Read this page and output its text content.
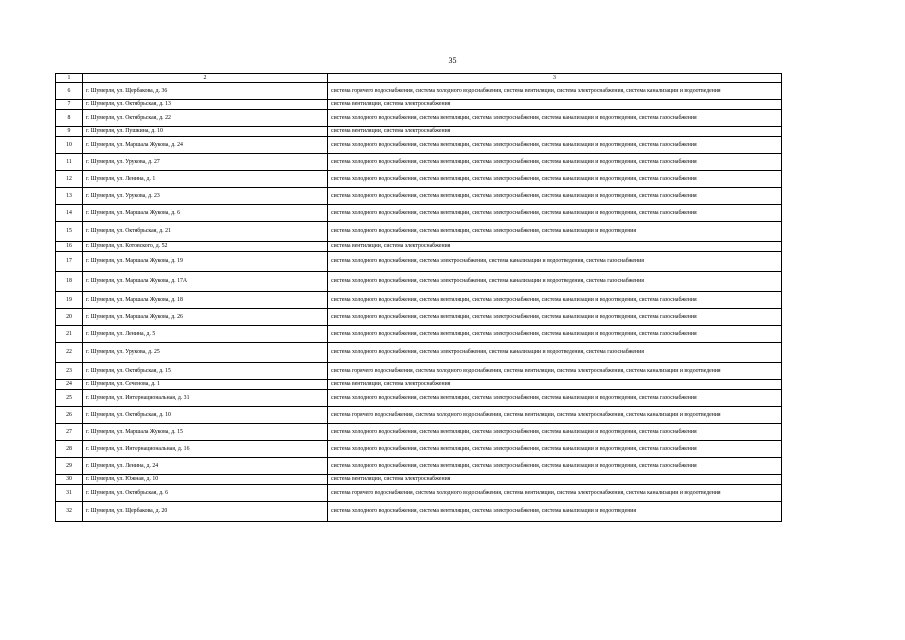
35
1	2	3
6	г. Шумерля, ул. Щербакова, д. 36	система горячего водоснабжения, система холодного водоснабжения, система вентиляции, система электроснабжения, система канализации и водоотведения
7	г. Шумерля, ул. Октябрьская, д. 13	система вентиляции, система электроснабжения
8	г. Шумерля, ул. Октябрьская, д. 22	система холодного водоснабжения, система вентиляции, система электроснабжения, система канализации и водоотведения, система газоснабжения
9	г. Шумерля, ул. Пушкина, д. 10	система вентиляции, система электроснабжения
10	г. Шумерля, ул. Маршала Жукова, д. 24	система холодного водоснабжения, система вентиляции, система электроснабжения, система канализации и водоотведения, система газоснабжения
11	г. Шумерля, ул. Урукова, д. 27	система холодного водоснабжения, система вентиляции, система электроснабжения, система канализации и водоотведения, система газоснабжения
12	г. Шумерля, ул. Ленина, д. 1	система холодного водоснабжения, система вентиляции, система электроснабжения, система канализации и водоотведения, система газоснабжения
13	г. Шумерля, ул. Урукова, д. 23	система холодного водоснабжения, система вентиляции, система электроснабжения, система канализации и водоотведения, система газоснабжения
14	г. Шумерля, ул. Маршала Жукова, д. 6	система холодного водоснабжения, система вентиляции, система электроснабжения, система канализации и водоотведения, система газоснабжения
15	г. Шумерля, ул. Октябрьская, д. 21	система холодного водоснабжения, система вентиляции, система электроснабжения, система канализации и водоотведения
16	г. Шумерля, ул. Котовского, д. 52	система вентиляции, система электроснабжения
17	г. Шумерля, ул. Маршала Жукова, д. 19	система холодного водоснабжения, система электроснабжения, система канализации и водоотведения, система газоснабжения
18	г. Шумерля, ул. Маршала Жукова, д. 17А	система холодного водоснабжения, система электроснабжения, система канализации и водоотведения, система газоснабжения
19	г. Шумерля, ул. Маршала Жукова, д. 18	система холодного водоснабжения, система вентиляции, система электроснабжения, система канализации и водоотведения, система газоснабжения
20	г. Шумерля, ул. Маршала Жукова, д. 26	система холодного водоснабжения, система вентиляции, система электроснабжения, система канализации и водоотведения, система газоснабжения
21	г. Шумерля, ул. Ленина, д. 5	система холодного водоснабжения, система вентиляции, система электроснабжения, система канализации и водоотведения, система газоснабжения
22	г. Шумерля, ул. Урукова, д. 25	система холодного водоснабжения, система электроснабжения, система канализации и водоотведения, система газоснабжения
23	г. Шумерля, ул. Октябрьская, д. 15	система горячего водоснабжения, система холодного водоснабжения, система вентиляции, система электроснабжения, система канализации и водоотведения
24	г. Шумерля, ул. Сеченова, д. 1	система вентиляции, система электроснабжения
25	г. Шумерля, ул. Интернациональная, д. 31	система холодного водоснабжения, система вентиляции, система электроснабжения, система канализации и водоотведения, система газоснабжения
26	г. Шумерля, ул. Октябрьская, д. 10	система горячего водоснабжения, система холодного водоснабжения, система вентиляции, система электроснабжения, система канализации и водоотведения
27	г. Шумерля, ул. Маршала Жукова, д. 15	система холодного водоснабжения, система вентиляции, система электроснабжения, система канализации и водоотведения, система газоснабжения
28	г. Шумерля, ул. Интернациональная, д. 16	система холодного водоснабжения, система вентиляции, система электроснабжения, система канализации и водоотведения, система газоснабжения
29	г. Шумерля, ул. Ленина, д. 24	система холодного водоснабжения, система вентиляции, система электроснабжения, система канализации и водоотведения, система газоснабжения
30	г. Шумерля, ул. Южная, д. 10	система вентиляции, система электроснабжения
31	г. Шумерля, ул. Октябрьская, д. 6	система горячего водоснабжения, система холодного водоснабжения, система вентиляции, система электроснабжения, система канализации и водоотведения
32	г. Шумерля, ул. Щербакова, д. 20	система холодного водоснабжения, система вентиляции, система электроснабжения, система канализации и водоотведения
